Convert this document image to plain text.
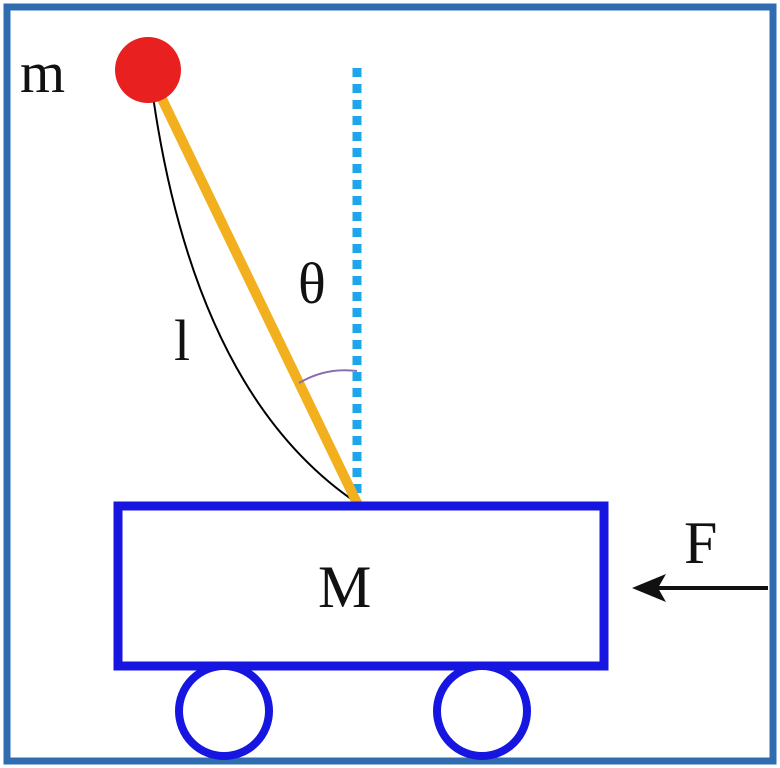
m
l
θ
M
F
